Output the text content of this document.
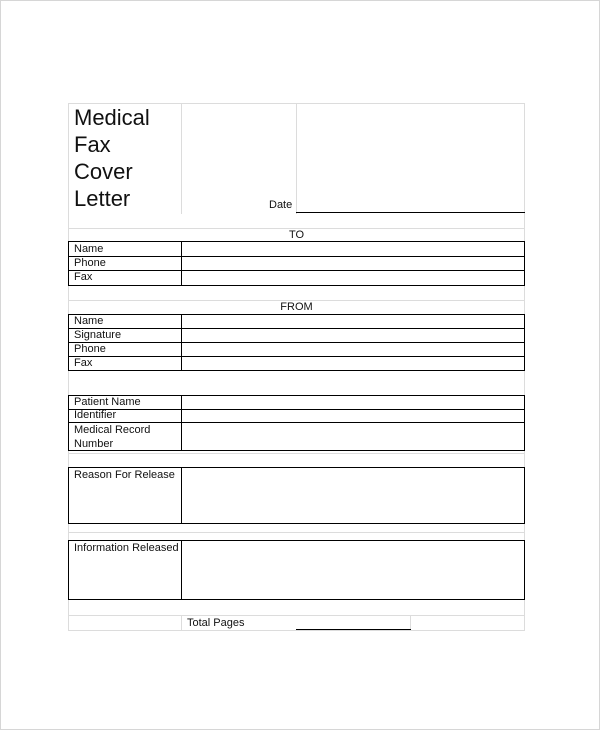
Medical
Fax
Cover
Letter	Date
TO
Name
Phone
Fax
FROM
Name
Signature
Phone
Fax
Patient Name
Identifier
Medical Record Number
Reason For Release
Information Released
Total Pages
